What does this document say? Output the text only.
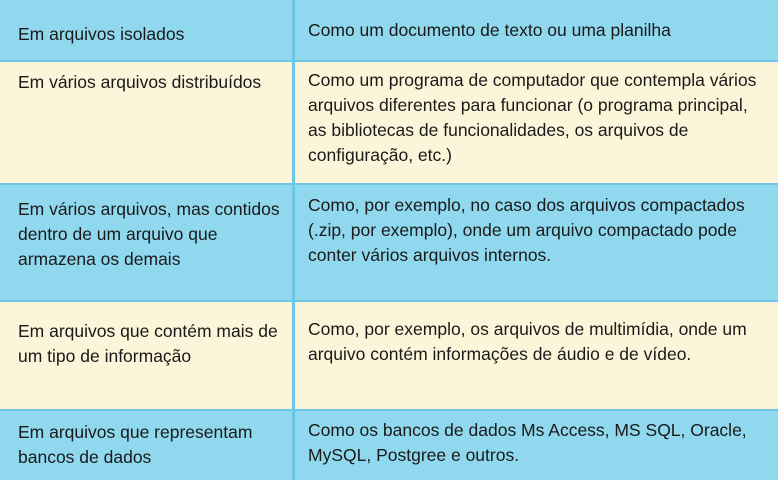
Em arquivos isolados	Como um documento de texto ou uma planilha
Em vários arquivos distribuídos	Como um programa de computador que contempla vários arquivos diferentes para funcionar (o programa principal, as bibliotecas de funcionalidades, os arquivos de configuração, etc.)
Em vários arquivos, mas contidos dentro de um arquivo que armazena os demais
Como, por exemplo, no caso dos arquivos compactados (.zip, por exemplo), onde um arquivo compactado pode conter vários arquivos internos.
Em arquivos que contém mais de um tipo de informação
Como, por exemplo, os arquivos de multimídia, onde um arquivo contém informações de áudio e de vídeo.
Em arquivos que representam bancos de dados
Como os bancos de dados Ms Access, MS SQL, Oracle, MySQL, Postgree e outros.
